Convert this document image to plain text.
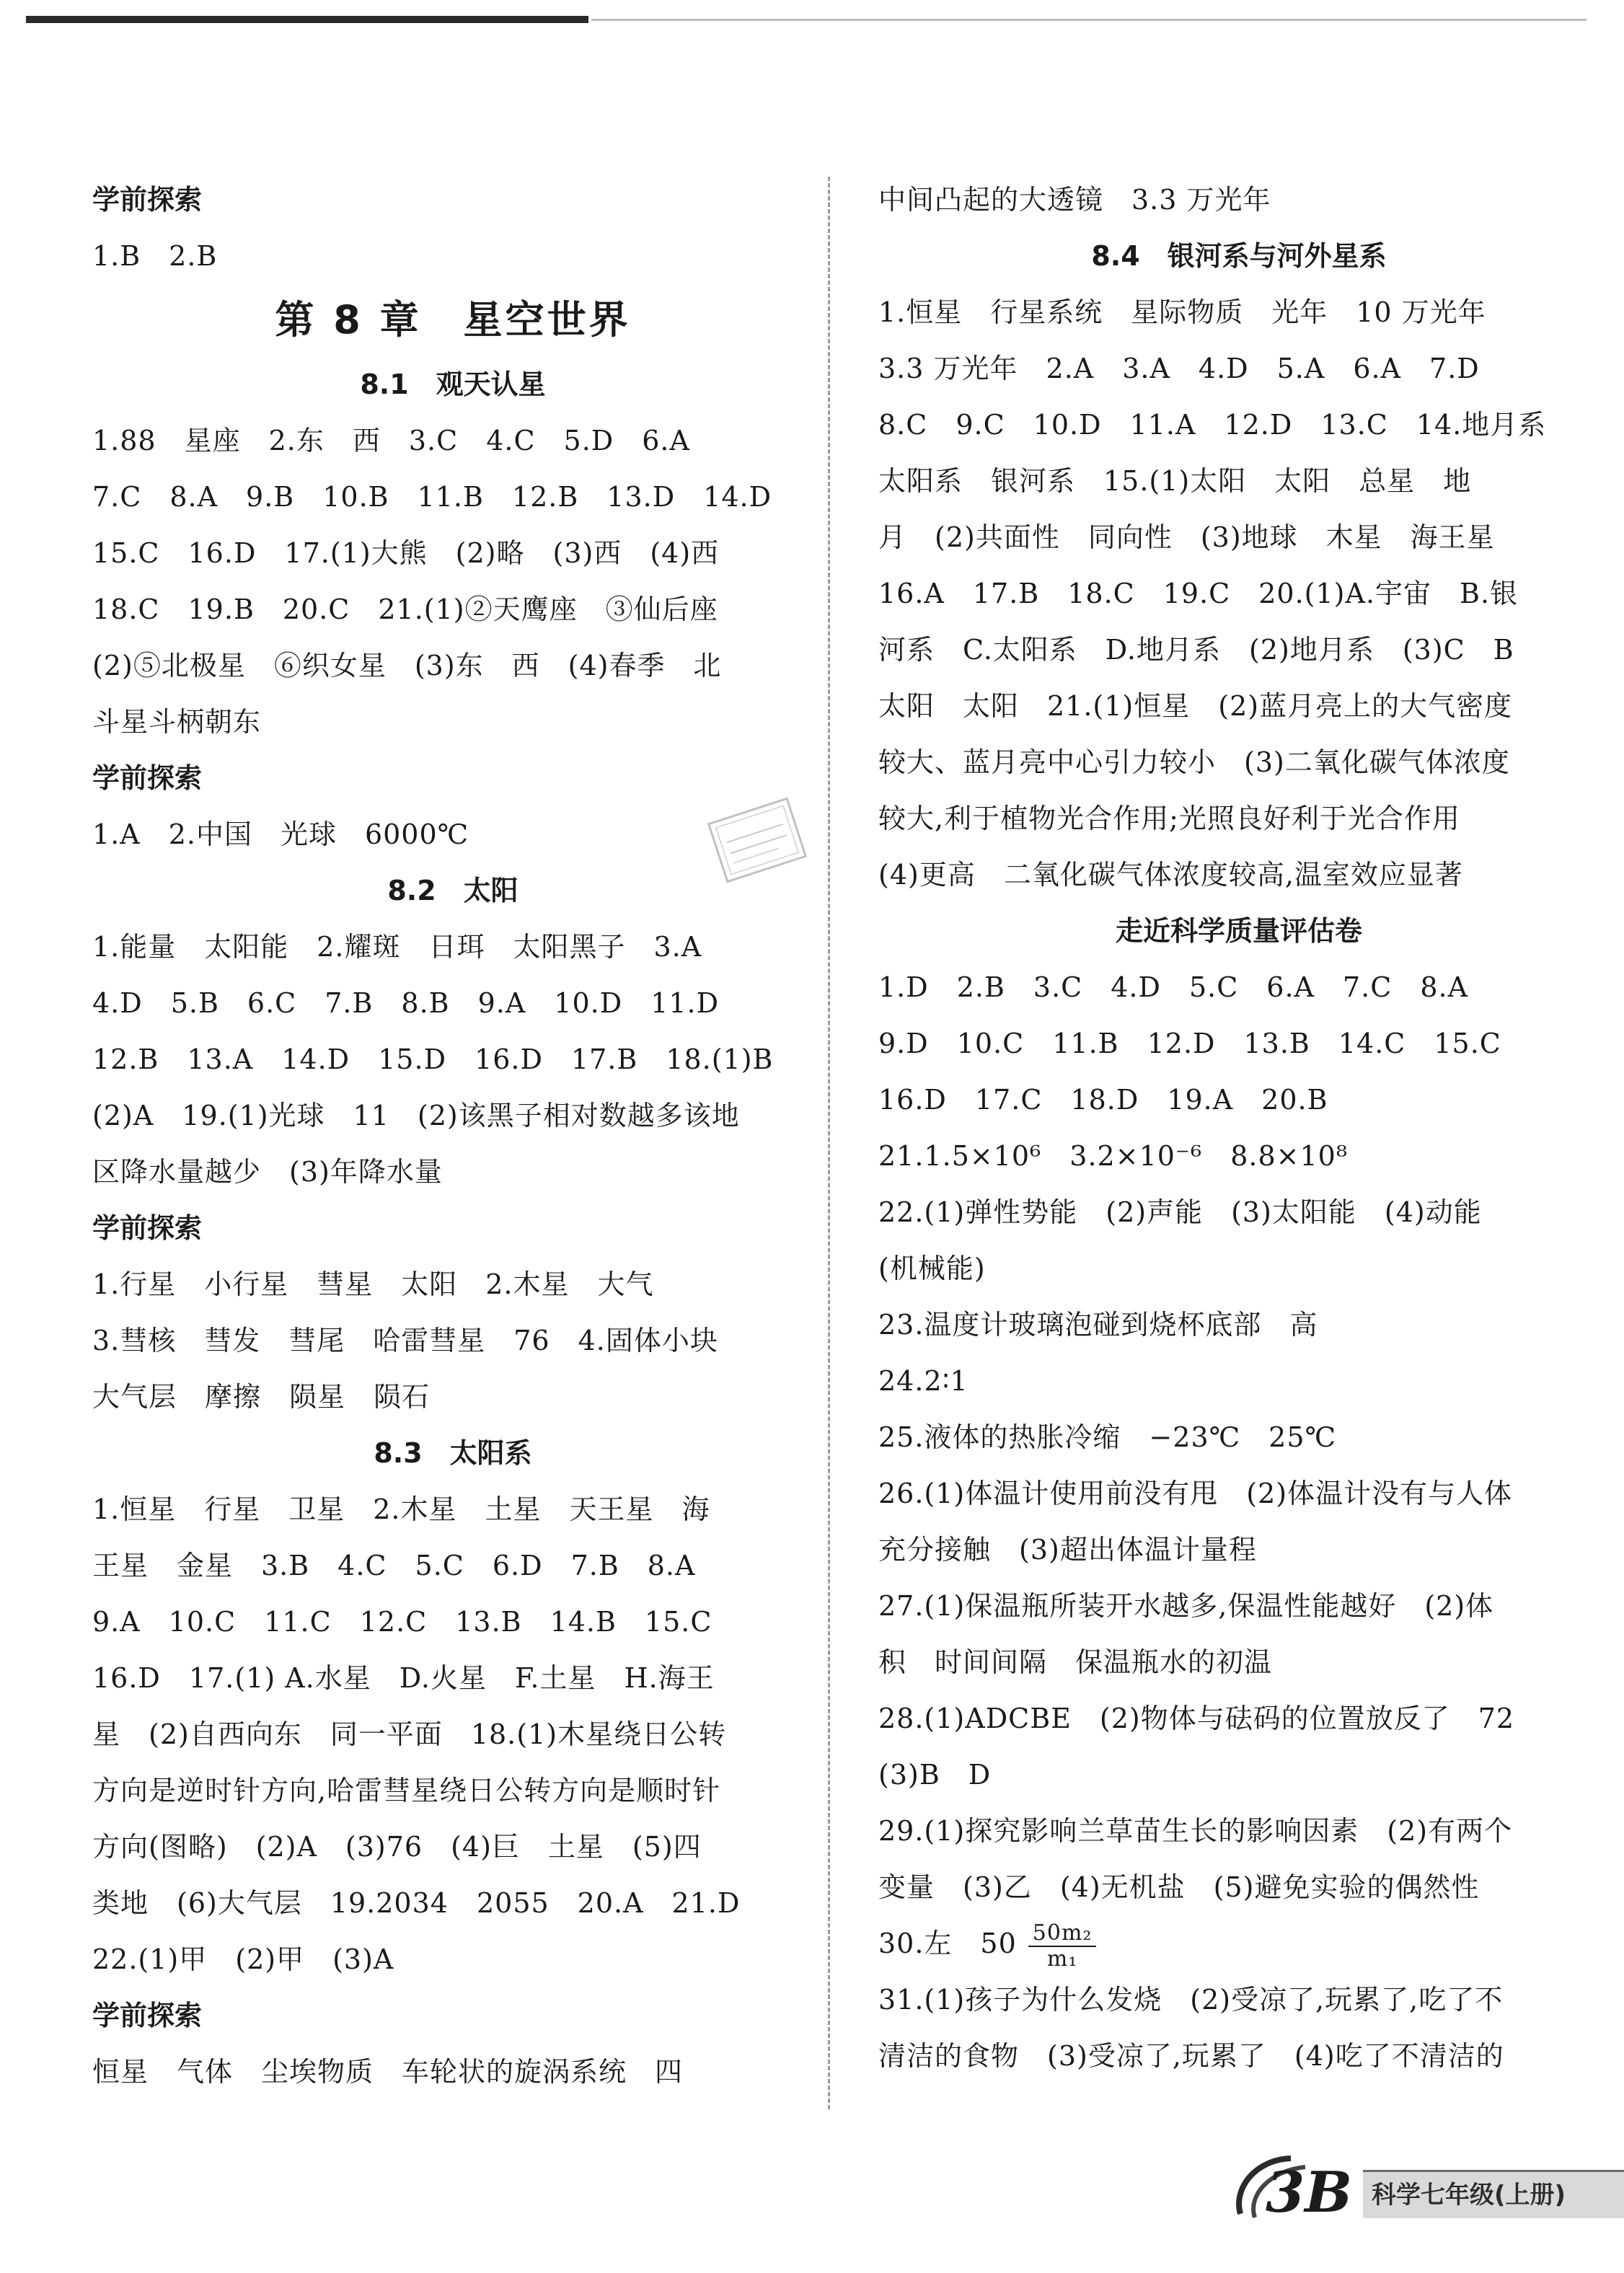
学前探索
1.B　2.B
第 8 章　星空世界
8.1　观天认星
1.88　星座　2.东　西　3.C　4.C　5.D　6.A
7.C　8.A　9.B　10.B　11.B　12.B　13.D　14.D
15.C　16.D　17.(1)大熊　(2)略　(3)西　(4)西
18.C　19.B　20.C　21.(1)②天鹰座　③仙后座
(2)⑤北极星　⑥织女星　(3)东　西　(4)春季　北
斗星斗柄朝东
学前探索
1.A　2.中国　光球　6000℃
8.2　太阳
1.能量　太阳能　2.耀斑　日珥　太阳黑子　3.A
4.D　5.B　6.C　7.B　8.B　9.A　10.D　11.D
12.B　13.A　14.D　15.D　16.D　17.B　18.(1)B
(2)A　19.(1)光球　11　(2)该黑子相对数越多该地
区降水量越少　(3)年降水量
学前探索
1.行星　小行星　彗星　太阳　2.木星　大气
3.彗核　彗发　彗尾　哈雷彗星　76　4.固体小块
大气层　摩擦　陨星　陨石
8.3　太阳系
1.恒星　行星　卫星　2.木星　土星　天王星　海
王星　金星　3.B　4.C　5.C　6.D　7.B　8.A
9.A　10.C　11.C　12.C　13.B　14.B　15.C
16.D　17.(1) A.水星　D.火星　F.土星　H.海王
星　(2)自西向东　同一平面　18.(1)木星绕日公转
方向是逆时针方向,哈雷彗星绕日公转方向是顺时针
方向(图略)　(2)A　(3)76　(4)巨　土星　(5)四
类地　(6)大气层　19.2034　2055　20.A　21.D
22.(1)甲　(2)甲　(3)A
学前探索
恒星　气体　尘埃物质　车轮状的旋涡系统　四
中间凸起的大透镜　3.3 万光年
8.4　银河系与河外星系
1.恒星　行星系统　星际物质　光年　10 万光年
3.3 万光年　2.A　3.A　4.D　5.A　6.A　7.D
8.C　9.C　10.D　11.A　12.D　13.C　14.地月系
太阳系　银河系　15.(1)太阳　太阳　总星　地
月　(2)共面性　同向性　(3)地球　木星　海王星
16.A　17.B　18.C　19.C　20.(1)A.宇宙　B.银
河系　C.太阳系　D.地月系　(2)地月系　(3)C　B
太阳　太阳　21.(1)恒星　(2)蓝月亮上的大气密度
较大、蓝月亮中心引力较小　(3)二氧化碳气体浓度
较大,利于植物光合作用;光照良好利于光合作用
(4)更高　二氧化碳气体浓度较高,温室效应显著
走近科学质量评估卷
1.D　2.B　3.C　4.D　5.C　6.A　7.C　8.A
9.D　10.C　11.B　12.D　13.B　14.C　15.C
16.D　17.C　18.D　19.A　20.B
21.1.5×10⁶　3.2×10⁻⁶　8.8×10⁸
22.(1)弹性势能　(2)声能　(3)太阳能　(4)动能
(机械能)
23.温度计玻璃泡碰到烧杯底部　高
24.2∶1
25.液体的热胀冷缩　−23℃　25℃
26.(1)体温计使用前没有甩　(2)体温计没有与人体
充分接触　(3)超出体温计量程
27.(1)保温瓶所装开水越多,保温性能越好　(2)体
积　时间间隔　保温瓶水的初温
28.(1)ADCBE　(2)物体与砝码的位置放反了　72
(3)B　D
29.(1)探究影响兰草苗生长的影响因素　(2)有两个
变量　(3)乙　(4)无机盐　(5)避免实验的偶然性
30.左　$50 \frac{\text{50m₂}}{\text{m₁}}$
31.(1)孩子为什么发烧　(2)受凉了,玩累了,吃了不
清洁的食物　(3)受凉了,玩累了　(4)吃了不清洁的
3B 科学七年级(上册)
